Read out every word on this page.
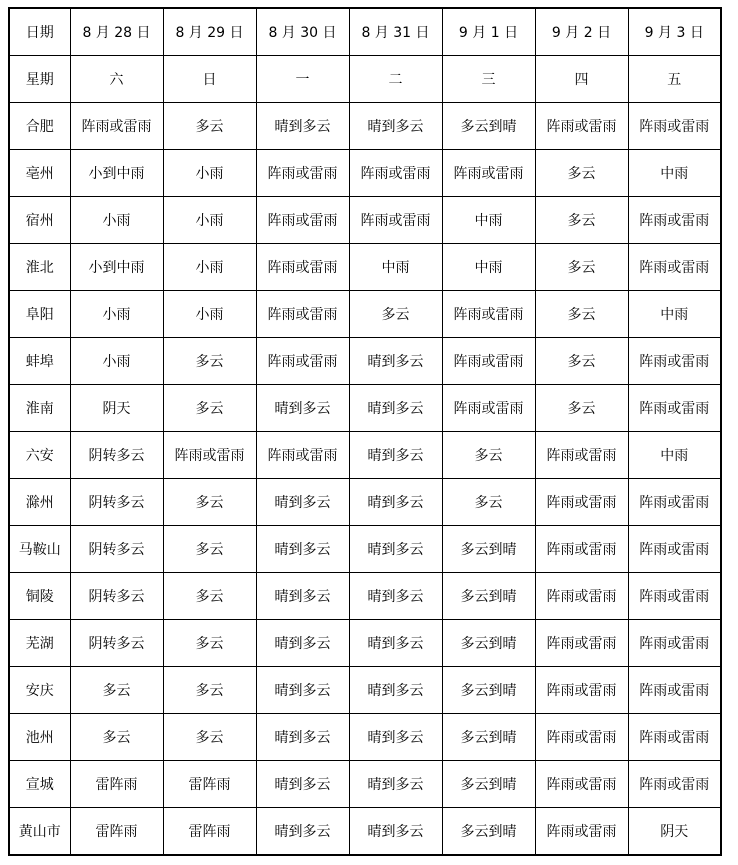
日期	8 月 28 日	8 月 29 日	8 月 30 日	8 月 31 日	9 月 1 日	9 月 2 日	9 月 3 日
星期	六	日	一	二	三	四	五
合肥	阵雨或雷雨	多云	晴到多云	晴到多云	多云到晴	阵雨或雷雨	阵雨或雷雨
亳州	小到中雨	小雨	阵雨或雷雨	阵雨或雷雨	阵雨或雷雨	多云	中雨
宿州	小雨	小雨	阵雨或雷雨	阵雨或雷雨	中雨	多云	阵雨或雷雨
淮北	小到中雨	小雨	阵雨或雷雨	中雨	中雨	多云	阵雨或雷雨
阜阳	小雨	小雨	阵雨或雷雨	多云	阵雨或雷雨	多云	中雨
蚌埠	小雨	多云	阵雨或雷雨	晴到多云	阵雨或雷雨	多云	阵雨或雷雨
淮南	阴天	多云	晴到多云	晴到多云	阵雨或雷雨	多云	阵雨或雷雨
六安	阴转多云	阵雨或雷雨	阵雨或雷雨	晴到多云	多云	阵雨或雷雨	中雨
滁州	阴转多云	多云	晴到多云	晴到多云	多云	阵雨或雷雨	阵雨或雷雨
马鞍山	阴转多云	多云	晴到多云	晴到多云	多云到晴	阵雨或雷雨	阵雨或雷雨
铜陵	阴转多云	多云	晴到多云	晴到多云	多云到晴	阵雨或雷雨	阵雨或雷雨
芜湖	阴转多云	多云	晴到多云	晴到多云	多云到晴	阵雨或雷雨	阵雨或雷雨
安庆	多云	多云	晴到多云	晴到多云	多云到晴	阵雨或雷雨	阵雨或雷雨
池州	多云	多云	晴到多云	晴到多云	多云到晴	阵雨或雷雨	阵雨或雷雨
宣城	雷阵雨	雷阵雨	晴到多云	晴到多云	多云到晴	阵雨或雷雨	阵雨或雷雨
黄山市	雷阵雨	雷阵雨	晴到多云	晴到多云	多云到晴	阵雨或雷雨	阴天
